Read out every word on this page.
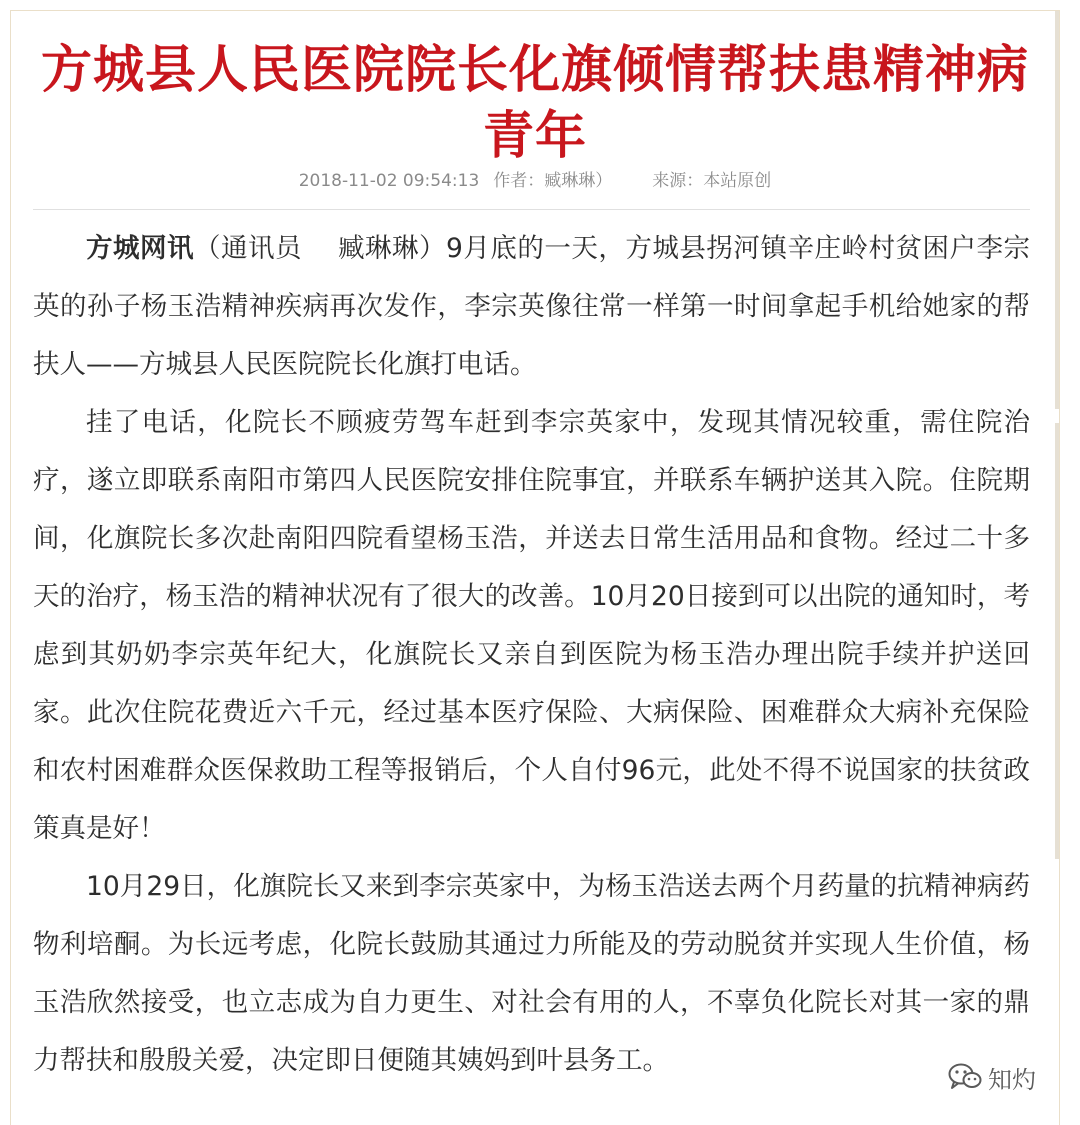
方城县人民医院院长化旗倾情帮扶患精神病青年
2018-11-02 09:54:13 作者：臧琳琳） 来源：本站原创

方城网讯（通讯员　 臧琳琳）9月底的一天，方城县拐河镇辛庄岭村贫困户李宗英的孙子杨玉浩精神疾病再次发作，李宗英像往常一样第一时间拿起手机给她家的帮扶人——方城县人民医院院长化旗打电话。

挂了电话，化院长不顾疲劳驾车赶到李宗英家中，发现其情况较重，需住院治疗，遂立即联系南阳市第四人民医院安排住院事宜，并联系车辆护送其入院。住院期间，化旗院长多次赴南阳四院看望杨玉浩，并送去日常生活用品和食物。经过二十多天的治疗，杨玉浩的精神状况有了很大的改善。10月20日接到可以出院的通知时，考虑到其奶奶李宗英年纪大，化旗院长又亲自到医院为杨玉浩办理出院手续并护送回家。此次住院花费近六千元，经过基本医疗保险、大病保险、困难群众大病补充保险和农村困难群众医保救助工程等报销后，个人自付96元，此处不得不说国家的扶贫政策真是好！

10月29日，化旗院长又来到李宗英家中，为杨玉浩送去两个月药量的抗精神病药物利培酮。为长远考虑，化院长鼓励其通过力所能及的劳动脱贫并实现人生价值，杨玉浩欣然接受，也立志成为自力更生、对社会有用的人，不辜负化院长对其一家的鼎力帮扶和殷殷关爱，决定即日便随其姨妈到叶县务工。

知灼
